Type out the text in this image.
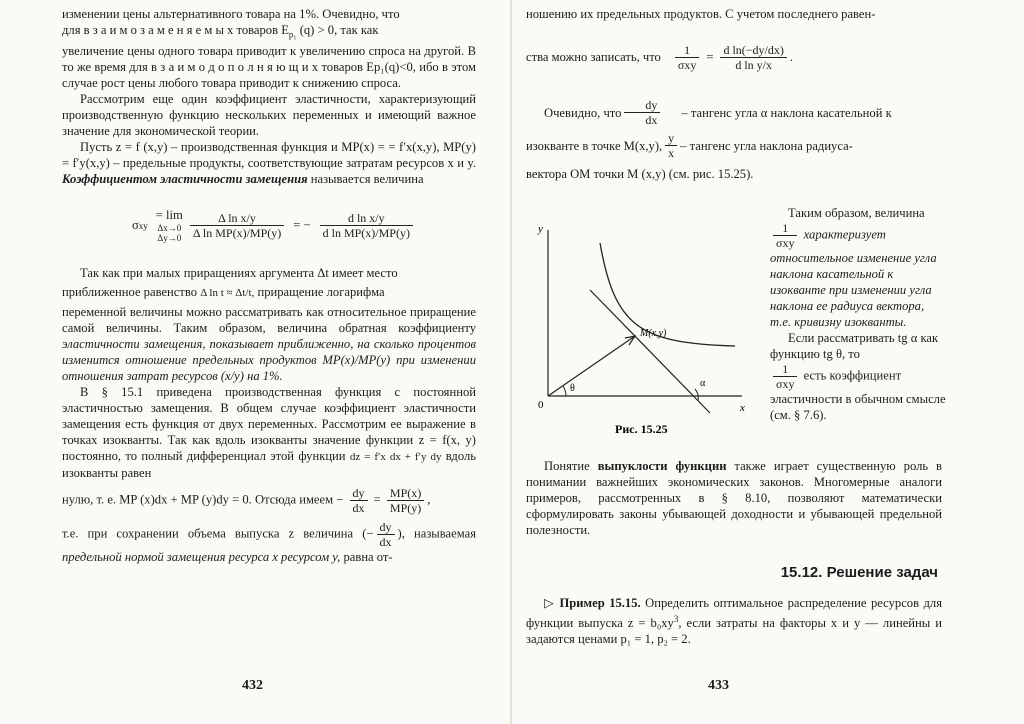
изменении цены альтернативного товара на 1%. Очевидно, что

для в з а и м о з а м е н я е м ы х товаров $E_{p_1}$ (q) > 0, так как

увеличение цены одного товара приводит к увеличению спроса на другой. В то же время для в з а и м о д о п о л н я ю щ и х товаров Ep₁(q)<0, ибо в этом случае рост цены любого товара приводит к снижению спроса.

Рассмотрим еще один коэффициент эластичности, характеризующий производственную функцию нескольких переменных и имеющий важное значение для экономической теории.

Пусть z = f (x,y) – производственная функция и MP(x) = = f′x(x,y), MP(y) = f′y(x,y) – предельные продукты, соответствующие затратам ресурсов x и y. Коэффициентом эластичности замещения называется величина

σ xy
= lim
Δx→0
$\Delta y\to 0 \frac{\text{Δ ln x/y}}{\text{Δ ln MP(x)/MP(y)}}$ = − $\frac{\text{d ln x/y}}{\text{d ln MP(x)/MP(y)}}$

Так как при малых приращениях аргумента Δt имеет место

приближенное равенство Δ ln t ≈ Δt/t, приращение логарифма

переменной величины можно рассматривать как относительное приращение самой величины. Таким образом, величина обратная коэффициенту эластичности замещения, показывает приближенно, на сколько процентов изменится отношение предельных продуктов MP(x)/MP(y) при изменении отношения затрат ресурсов (x/y) на 1%.

В § 15.1 приведена производственная функция с постоянной эластичностью замещения. В общем случае коэффициент эластичности замещения есть функция от двух переменных. Рассмотрим ее выражение в точках изокванты. Так как вдоль изокванты значение функции z = f(x, y) постоянно, то полный дифференциал этой функции dz = f′x dx + f′y dy вдоль изокванты равен

нулю, т. е. MP (x)dx + MP (y)dy = 0. Отсюда имеем − $\frac{dy}{dx} = \frac{MP(x)}{MP(y)}$ ,

т.е. при сохранении объема выпуска z величина (− $\frac{dy}{dx}$ ), называемая предельной нормой замещения ресурса x ресурсом y, равна от-

432

ношению их предельных продуктов. С учетом последнего равен-

ства можно записать, что
1
σxy
= $\frac{\text{d ln(−dy/dx)}}{\text{d ln y/x}}$ .

Очевидно, что
dy
dx
– тангенс угла α наклона касательной к

изокванте в точке M(x,y),
y
x
– тангенс угла наклона радиуса-

вектора OM точки M (x,y) (см. рис. 15.25).

433
y
x
0
M(x,y)
θ	α
Рис. 15.25

Таким образом, величина

1
σxy
характеризует относительное изменение угла наклона касательной к изокванте при изменении угла наклона ее радиуса вектора, т.е. кривизну изокванты.

Если рассматривать tg α как функцию tg θ, то

1
σxy
есть коэффициент эластичности в обычном смысле (см. § 7.6).

Понятие выпуклости функции также играет существенную роль в понимании важнейших экономических законов. Многомерные аналоги примеров, рассмотренных в § 8.10, позволяют математически сформулировать законы убывающей доходности и убывающей предельной полезности.

15.12. Решение задач

▷ Пример 15.15. Определить оптимальное распределение ресурсов для функции выпуска $z = b_0xy^3$, если затраты на факторы x и y — линейны и задаются ценами p₁ = 1, p₂ = 2.
